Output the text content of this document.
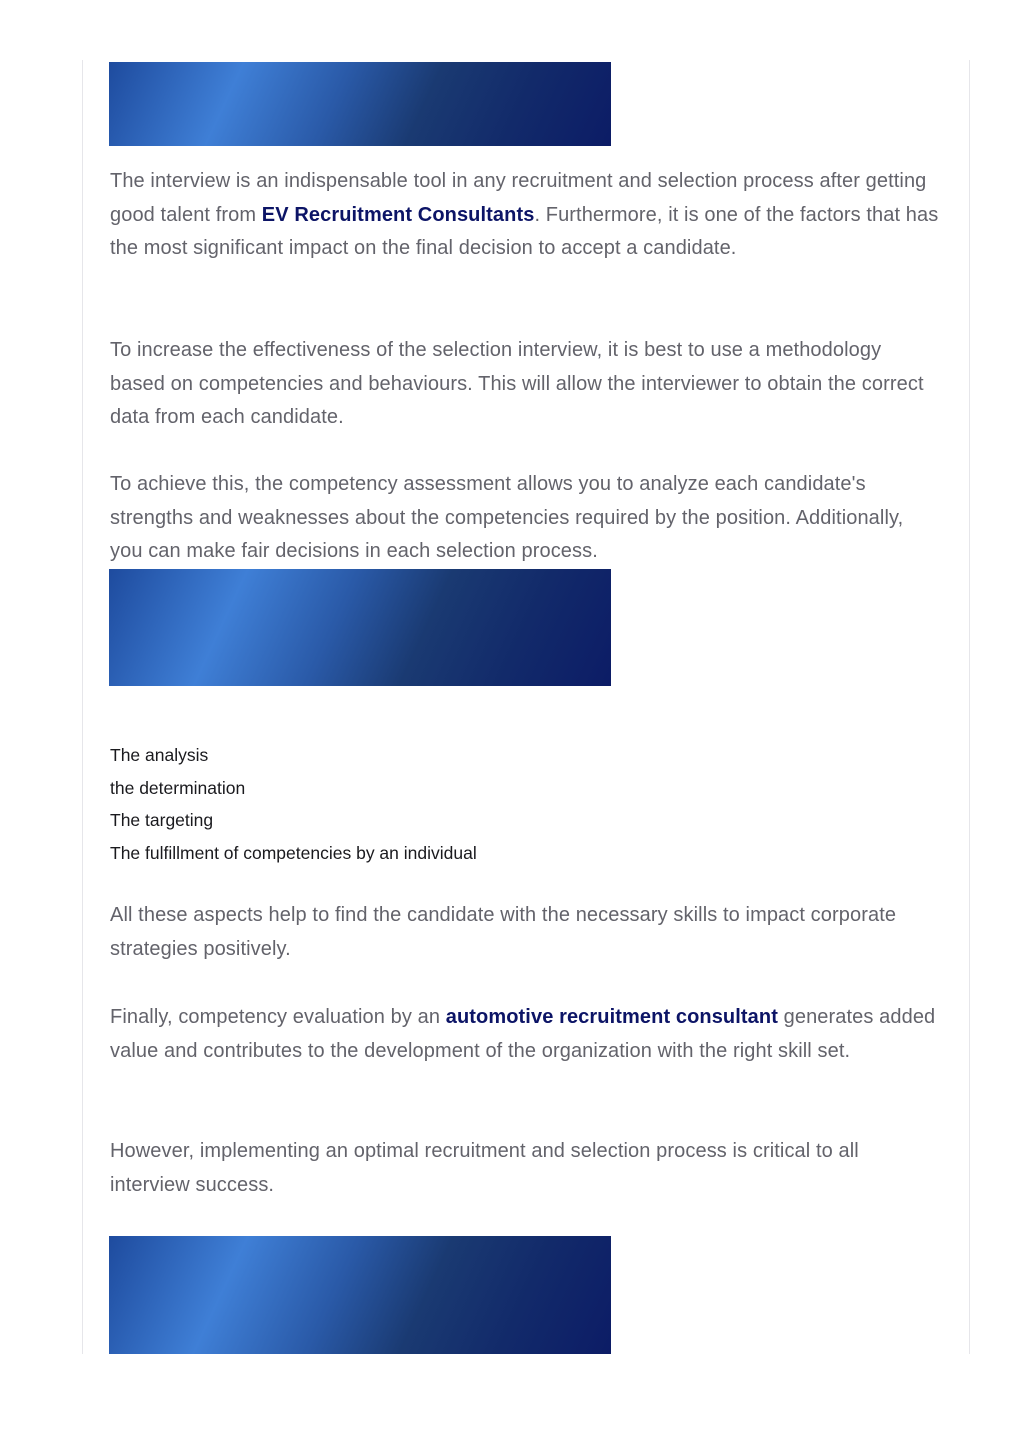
The interview is an indispensable tool in any recruitment and selection process after getting good talent from EV Recruitment Consultants. Furthermore, it is one of the factors that has the most significant impact on the final decision to accept a candidate.

To increase the effectiveness of the selection interview, it is best to use a methodology based on competencies and behaviours. This will allow the interviewer to obtain the correct data from each candidate.

To achieve this, the competency assessment allows you to analyze each candidate's strengths and weaknesses about the competencies required by the position. Additionally, you can make fair decisions in each selection process.

The analysis
the determination
The targeting
The fulfillment of competencies by an individual

All these aspects help to find the candidate with the necessary skills to impact corporate strategies positively.

Finally, competency evaluation by an automotive recruitment consultant generates added value and contributes to the development of the organization with the right skill set.

However, implementing an optimal recruitment and selection process is critical to all interview success.
